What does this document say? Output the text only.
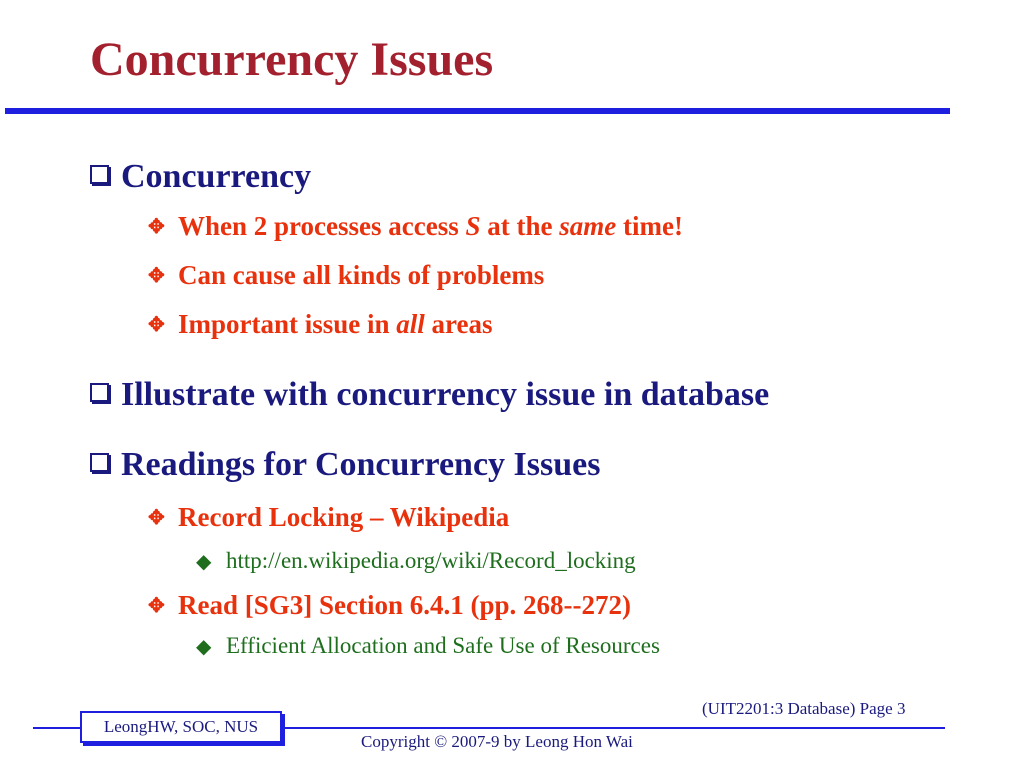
Concurrency Issues
Concurrency
✥ When 2 processes access S at the same time!
✥ Can cause all kinds of problems
✥ Important issue in all areas
Illustrate with concurrency issue in database
Readings for Concurrency Issues
✥ Record Locking – Wikipedia
◆ http://en.wikipedia.org/wiki/Record_locking
✥ Read [SG3] Section 6.4.1 (pp. 268--272)
◆ Efficient Allocation and Safe Use of Resources
(UIT2201:3 Database) Page 3
LeongHW, SOC, NUS
Copyright © 2007-9 by Leong Hon Wai
